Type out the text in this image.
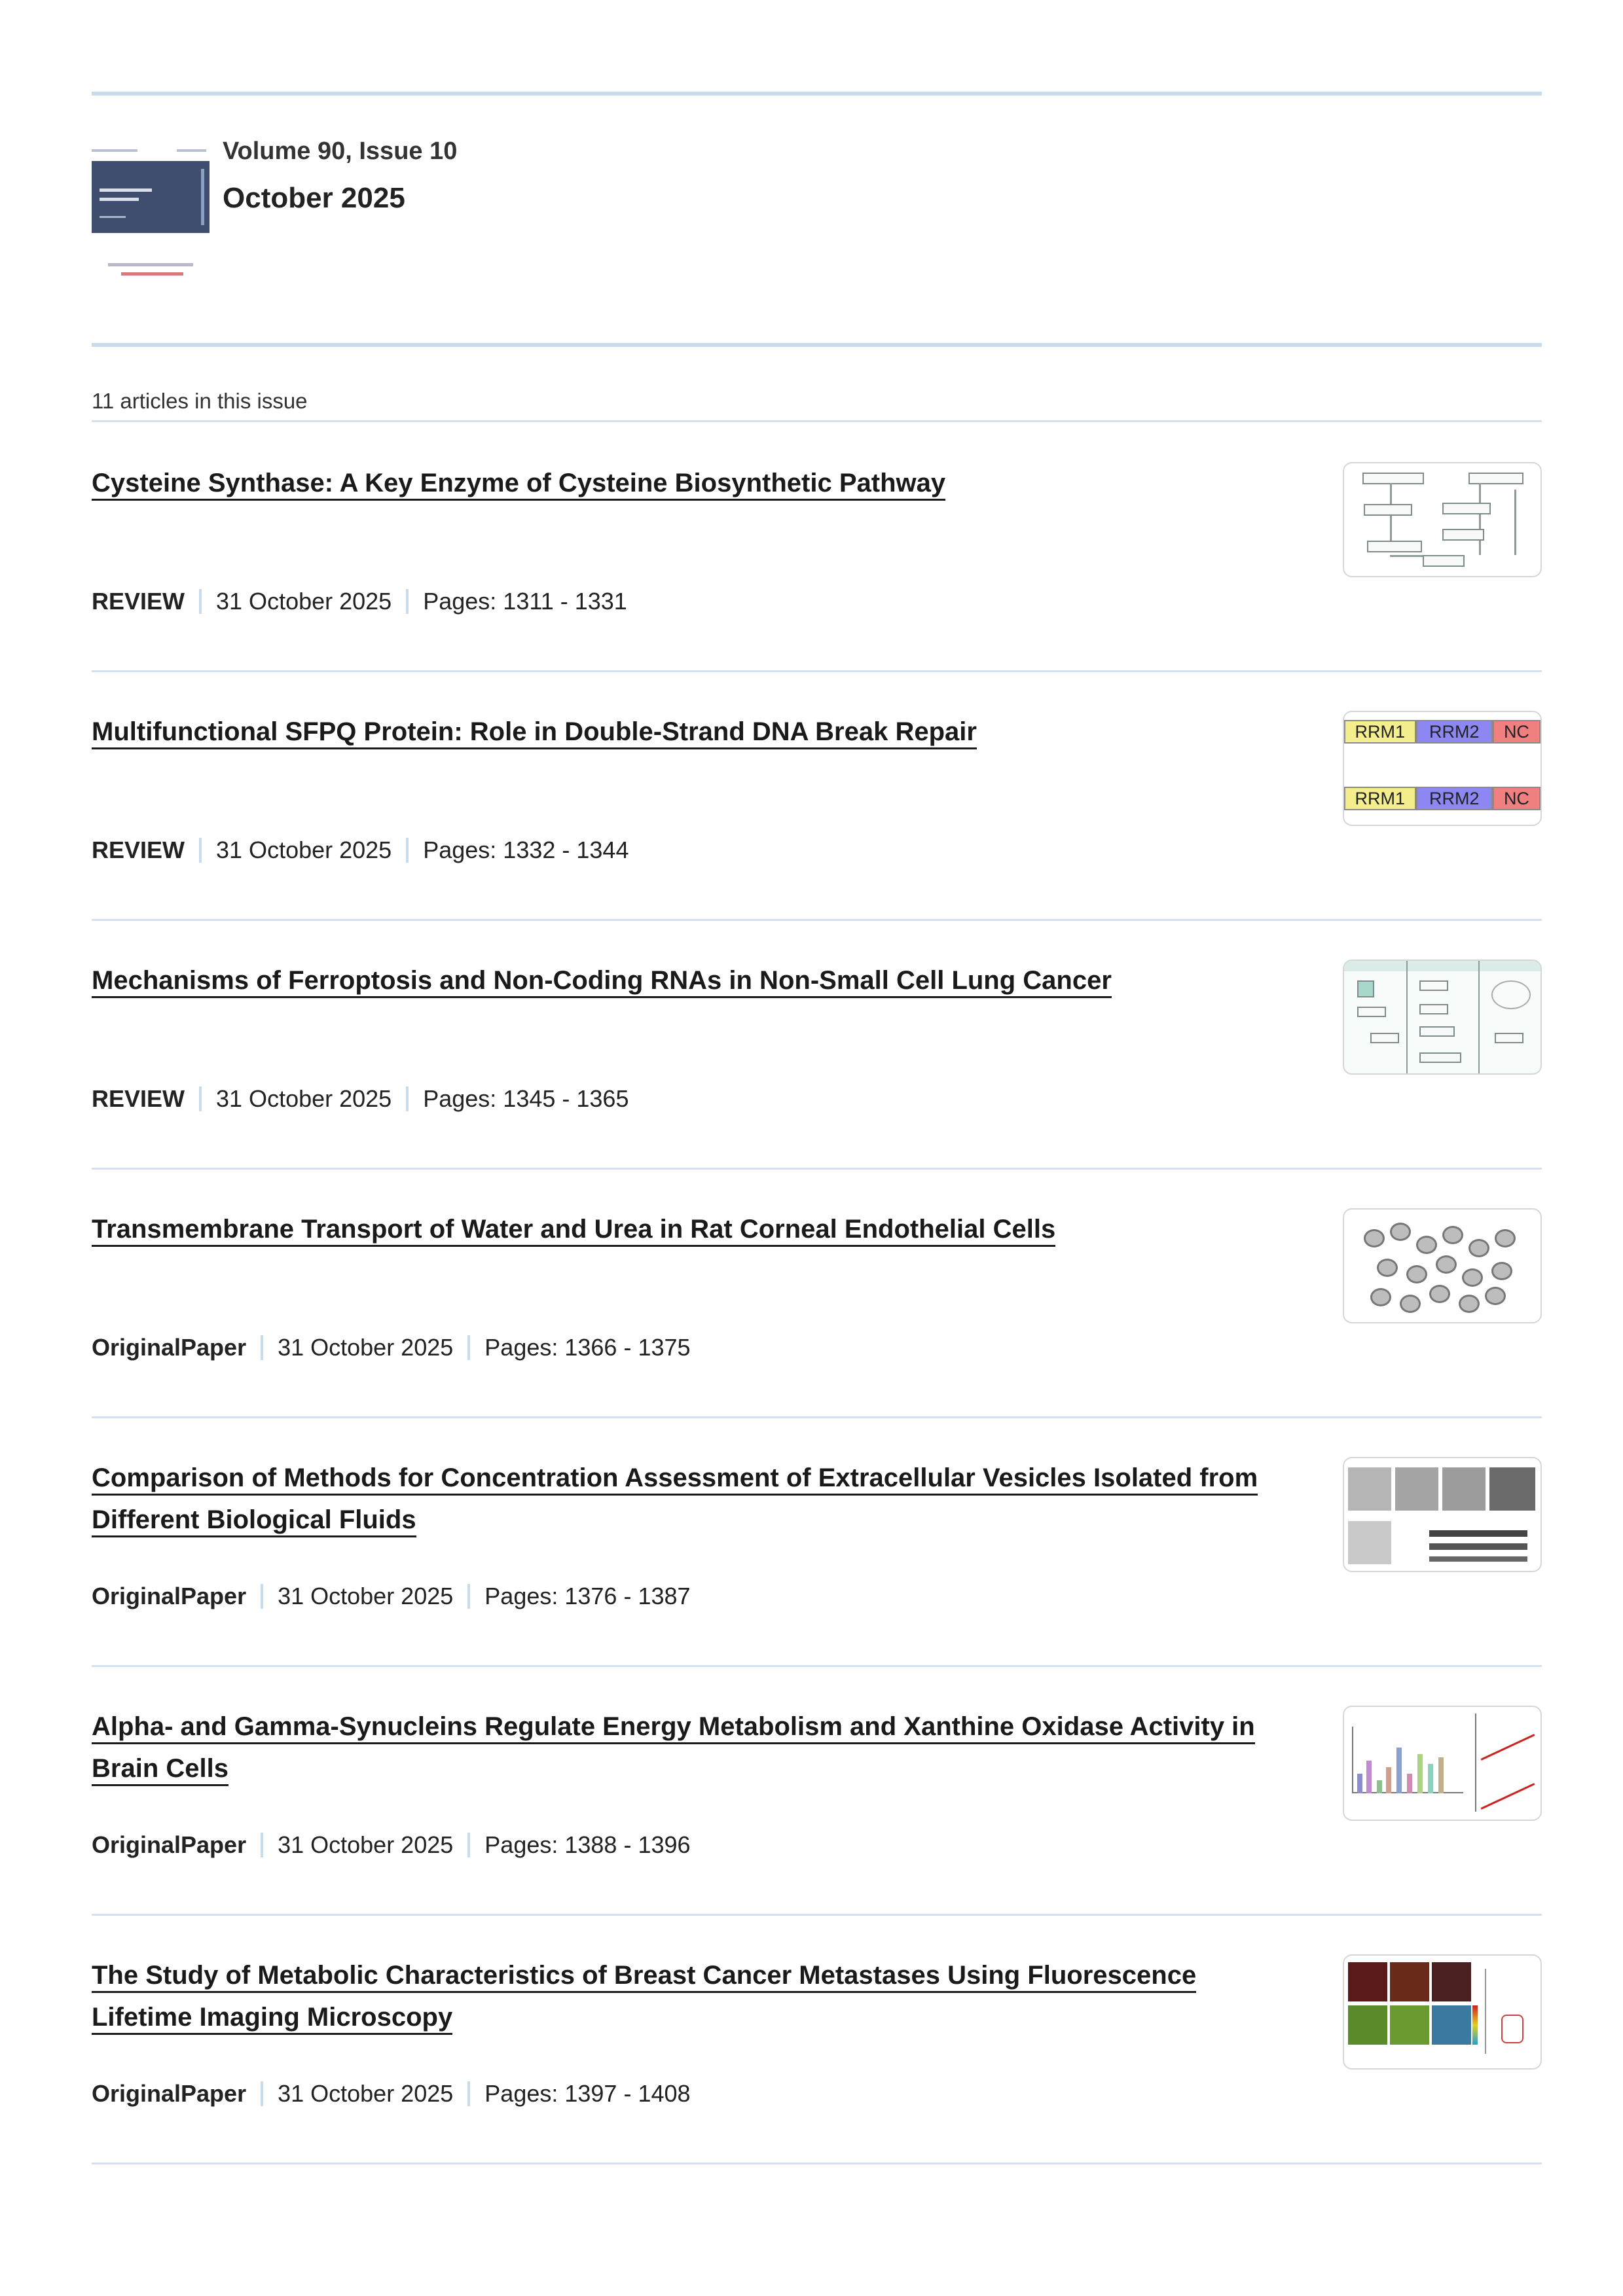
Volume 90, Issue 10
October 2025
11 articles in this issue
Cysteine Synthase: A Key Enzyme of Cysteine Biosynthetic Pathway
REVIEW 31 October 2025 Pages: 1311 - 1331
Multifunctional SFPQ Protein: Role in Double-Strand DNA Break Repair
REVIEW 31 October 2025 Pages: 1332 - 1344
RRM1	RRM2	NC
RRM1	RRM2	NC
Mechanisms of Ferroptosis and Non-Coding RNAs in Non-Small Cell Lung Cancer
REVIEW 31 October 2025 Pages: 1345 - 1365
Transmembrane Transport of Water and Urea in Rat Corneal Endothelial Cells
OriginalPaper 31 October 2025 Pages: 1366 - 1375
Comparison of Methods for Concentration Assessment of Extracellular Vesicles Isolated from Different Biological Fluids
OriginalPaper 31 October 2025 Pages: 1376 - 1387
Alpha- and Gamma-Synucleins Regulate Energy Metabolism and Xanthine Oxidase Activity in Brain Cells
OriginalPaper 31 October 2025 Pages: 1388 - 1396
The Study of Metabolic Characteristics of Breast Cancer Metastases Using Fluorescence Lifetime Imaging Microscopy
OriginalPaper 31 October 2025 Pages: 1397 - 1408
